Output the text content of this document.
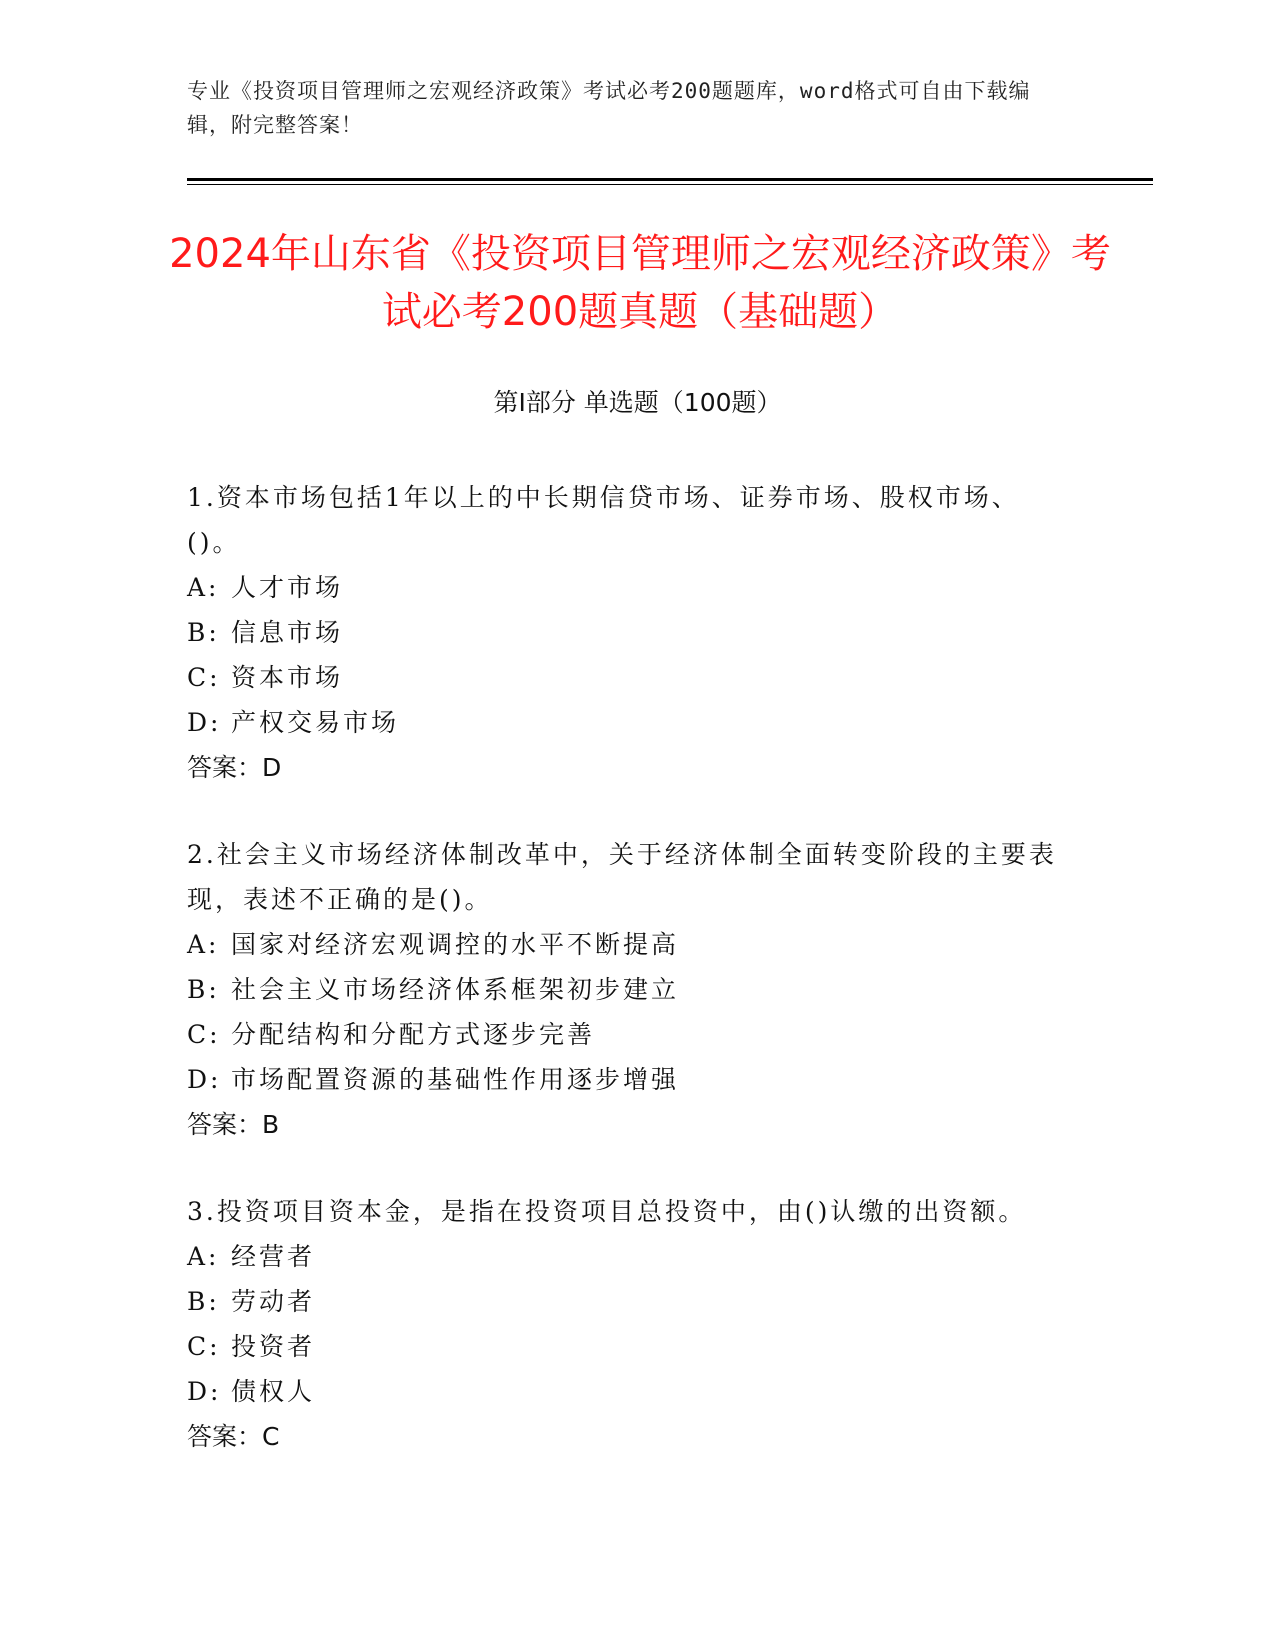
专业《投资项目管理师之宏观经济政策》考试必考200题题库，word格式可自由下载编辑，附完整答案！
2024年山东省《投资项目管理师之宏观经济政策》考试必考200题真题（基础题）
第I部分 单选题（100题）

1.资本市场包括1年以上的中长期信贷市场、证券市场、股权市场、()。

A: 人才市场

B: 信息市场

C: 资本市场

D: 产权交易市场

答案：D

2.社会主义市场经济体制改革中，关于经济体制全面转变阶段的主要表现，表述不正确的是()。

A: 国家对经济宏观调控的水平不断提高

B: 社会主义市场经济体系框架初步建立

C: 分配结构和分配方式逐步完善

D: 市场配置资源的基础性作用逐步增强

答案：B

3.投资项目资本金，是指在投资项目总投资中，由()认缴的出资额。

A: 经营者

B: 劳动者

C: 投资者

D: 债权人

答案：C
